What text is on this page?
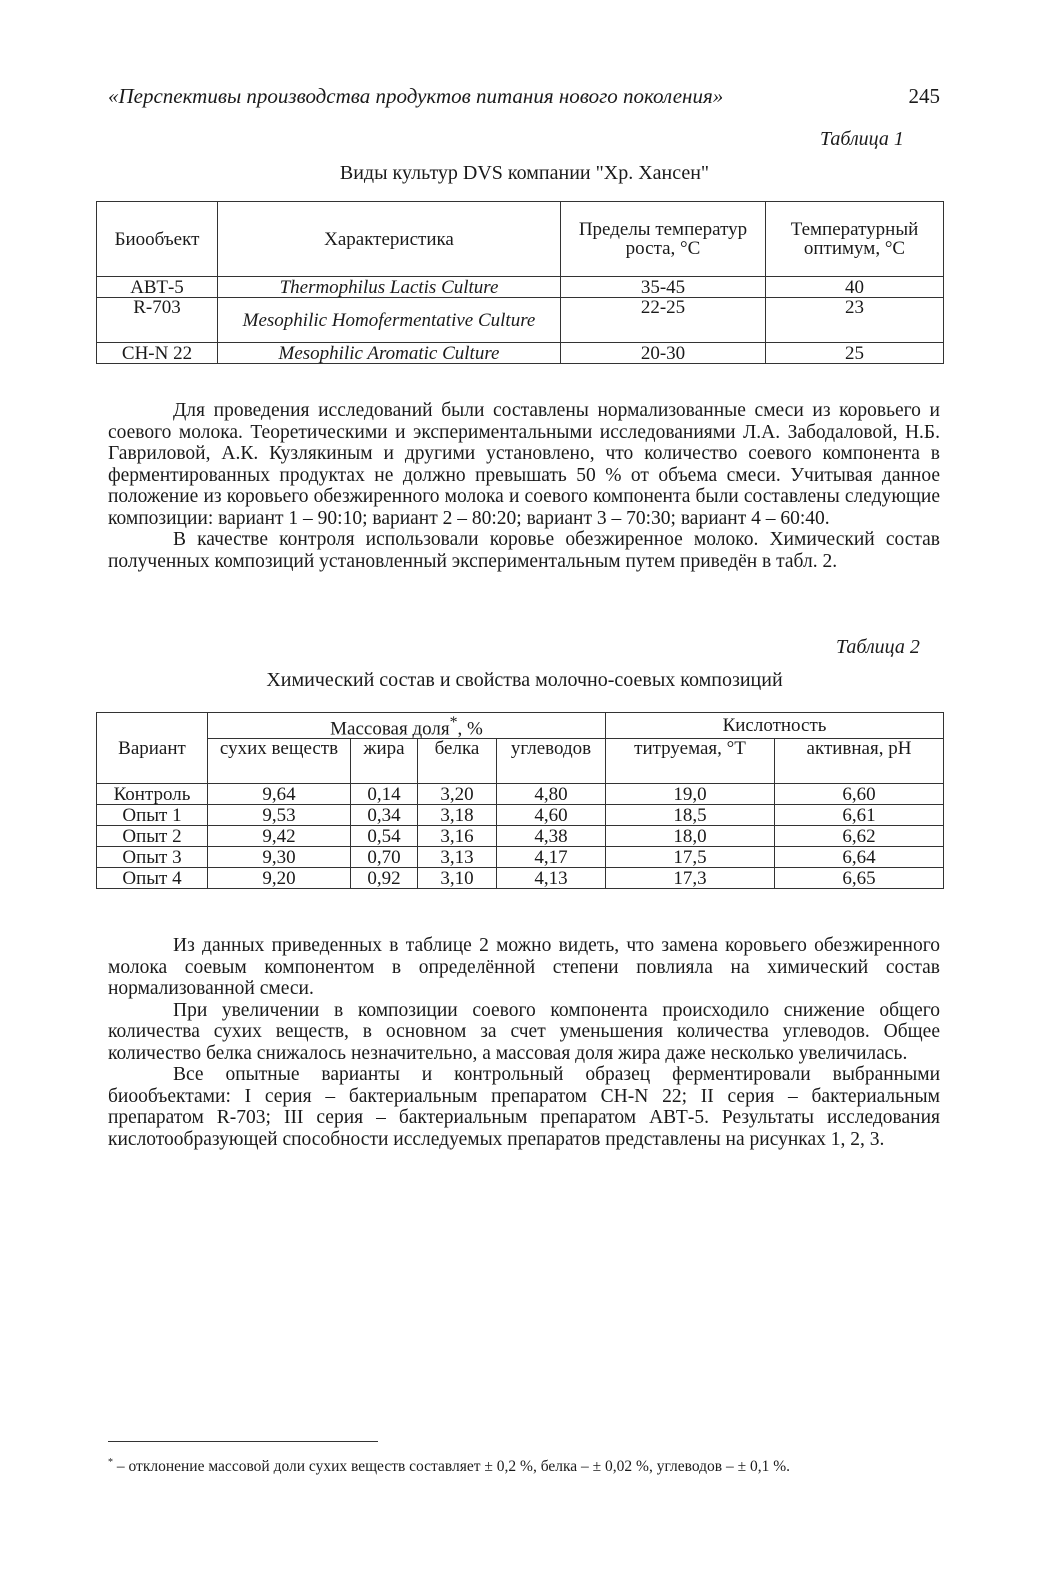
«Перспективы производства продуктов питания нового поколения»	245
Таблица 1
Виды культур DVS компании "Хр. Хансен"
Биообъект	Характеристика	Пределы температур роста, °С	Температурный оптимум, °С
АВТ-5	Thermophilus Lactis Culture	35-45	40
R-703	Mesophilic Homofermentative Culture	22-25	23
CH-N 22	Mesophilic Aromatic Culture	20-30	25

Для проведения исследований были составлены нормализованные смеси из коровьего и соевого молока. Теоретическими и экспериментальными исследованиями Л.А. Забодаловой, Н.Б. Гавриловой, А.К. Кузлякиным и другими установлено, что количество соевого компонента в ферментированных продуктах не должно превышать 50 % от объема смеси. Учитывая данное положение из коровьего обезжиренного молока и соевого компонента были составлены следующие композиции: вариант 1 – 90:10; вариант 2 – 80:20; вариант 3 – 70:30; вариант 4 – 60:40.

В качестве контроля использовали коровье обезжиренное молоко. Химический состав полученных композиций установленный экспериментальным путем приведён в табл. 2.

Таблица 2
Химический состав и свойства молочно-соевых композиций
Вариант	Массовая доля*, %				Кислотность	
	сухих веществ	жира	белка	углеводов	титруемая, °Т	активная, pH
Контроль	9,64	0,14	3,20	4,80	19,0	6,60
Опыт 1	9,53	0,34	3,18	4,60	18,5	6,61
Опыт 2	9,42	0,54	3,16	4,38	18,0	6,62
Опыт 3	9,30	0,70	3,13	4,17	17,5	6,64
Опыт 4	9,20	0,92	3,10	4,13	17,3	6,65

Из данных приведенных в таблице 2 можно видеть, что замена коровьего обезжиренного молока соевым компонентом в определённой степени повлияла на химический состав нормализованной смеси.

При увеличении в композиции соевого компонента происходило снижение общего количества сухих веществ, в основном за счет уменьшения количества углеводов. Общее количество белка снижалось незначительно, а массовая доля жира даже несколько увеличилась.

Все опытные варианты и контрольный образец ферментировали выбранными биообъектами: I серия – бактериальным препаратом CH-N 22; II серия – бактериальным препаратом R-703; III серия – бактериальным препаратом АВТ-5. Результаты исследования кислотообразующей способности исследуемых препаратов представлены на рисунках 1, 2, 3.

* – отклонение массовой доли сухих веществ составляет ± 0,2 %, белка – ± 0,02 %, углеводов – ± 0,1 %.
